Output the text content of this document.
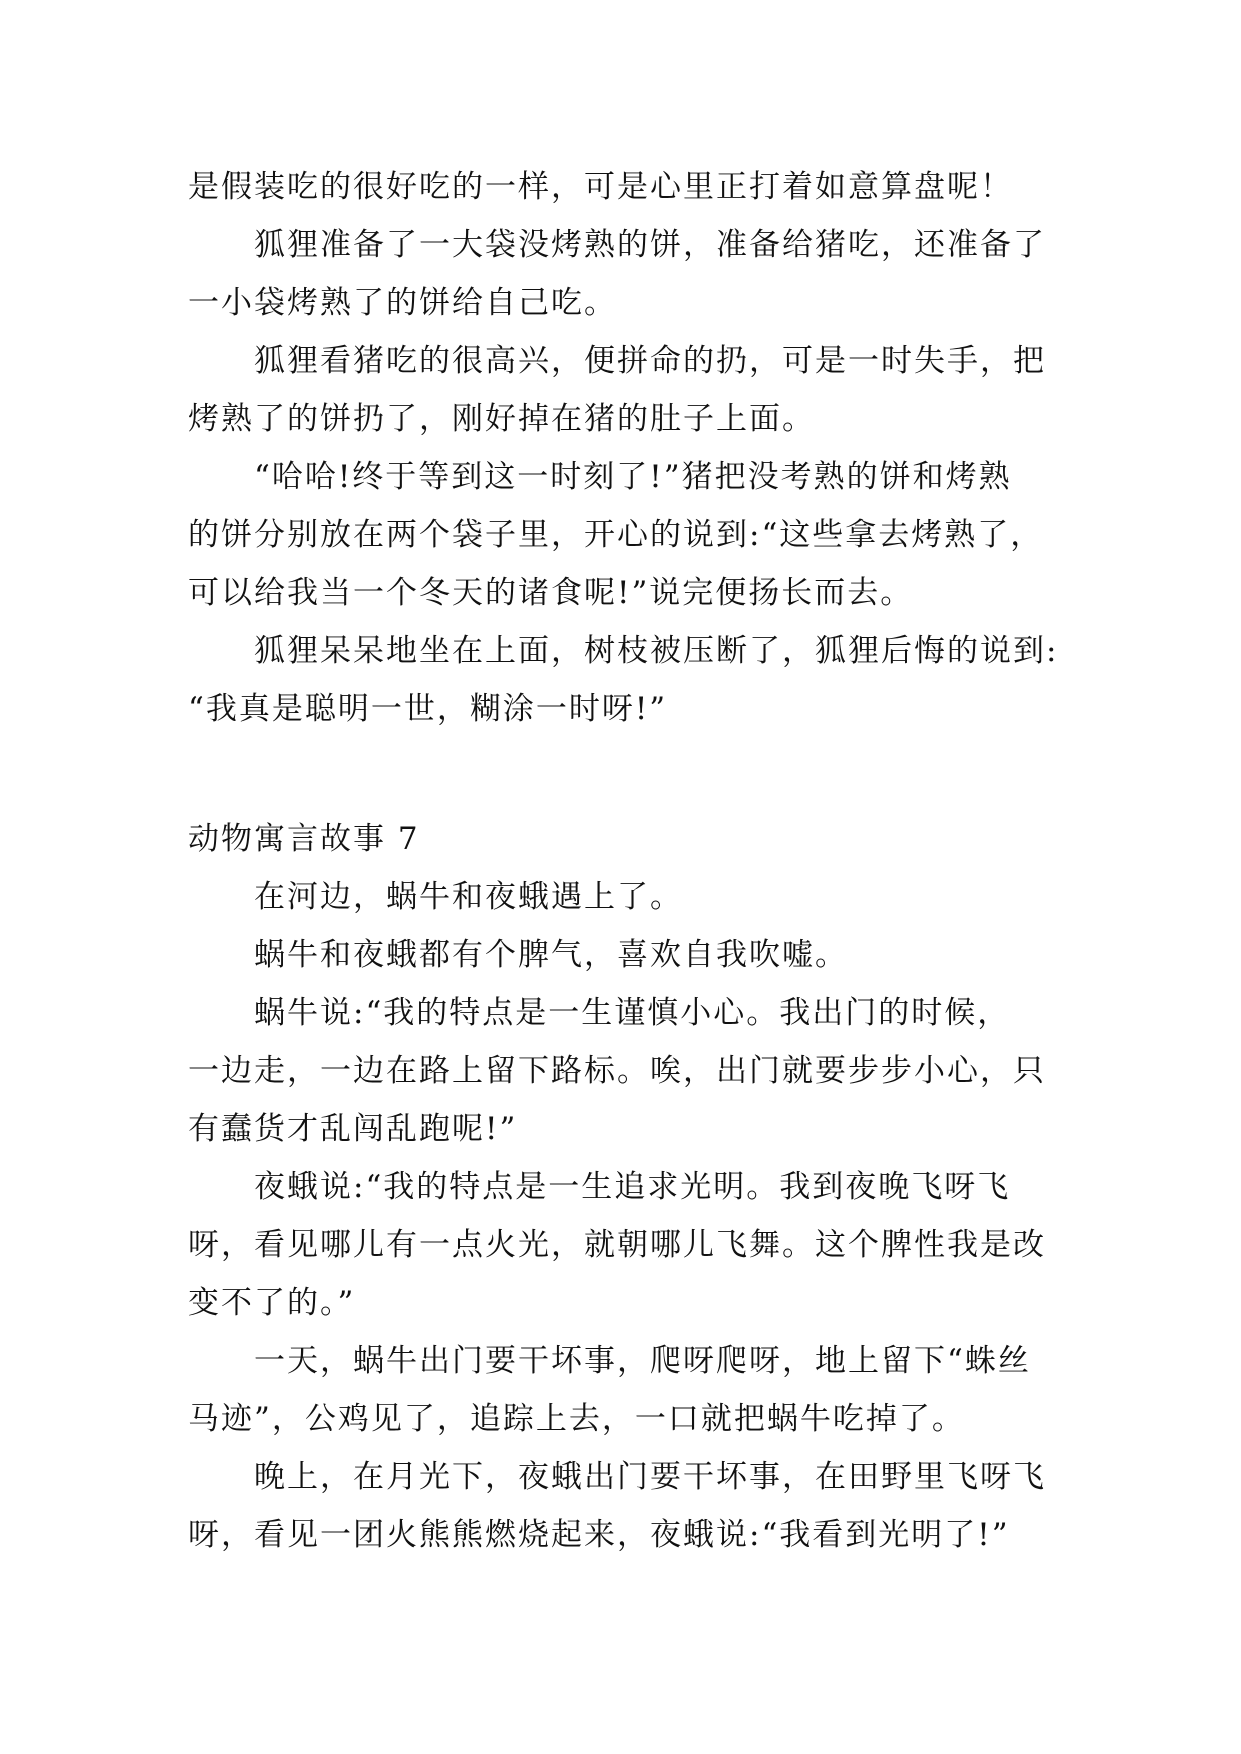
是假装吃的很好吃的一样，可是心里正打着如意算盘呢！
狐狸准备了一大袋没烤熟的饼，准备给猪吃，还准备了
一小袋烤熟了的饼给自己吃。
狐狸看猪吃的很高兴，便拼命的扔，可是一时失手，把
烤熟了的饼扔了，刚好掉在猪的肚子上面。
“哈哈!终于等到这一时刻了!”猪把没考熟的饼和烤熟
的饼分别放在两个袋子里，开心的说到:“这些拿去烤熟了，
可以给我当一个冬天的诸食呢!”说完便扬长而去。
狐狸呆呆地坐在上面，树枝被压断了，狐狸后悔的说到:
“我真是聪明一世，糊涂一时呀!”
动物寓言故事 7
在河边，蜗牛和夜蛾遇上了。
蜗牛和夜蛾都有个脾气，喜欢自我吹嘘。
蜗牛说:“我的特点是一生谨慎小心。我出门的时候，
一边走，一边在路上留下路标。唉，出门就要步步小心，只
有蠢货才乱闯乱跑呢!”
夜蛾说:“我的特点是一生追求光明。我到夜晚飞呀飞
呀，看见哪儿有一点火光，就朝哪儿飞舞。这个脾性我是改
变不了的。”
一天，蜗牛出门要干坏事，爬呀爬呀，地上留下“蛛丝
马迹”，公鸡见了，追踪上去，一口就把蜗牛吃掉了。
晚上，在月光下，夜蛾出门要干坏事，在田野里飞呀飞
呀，看见一团火熊熊燃烧起来，夜蛾说:“我看到光明了!”
